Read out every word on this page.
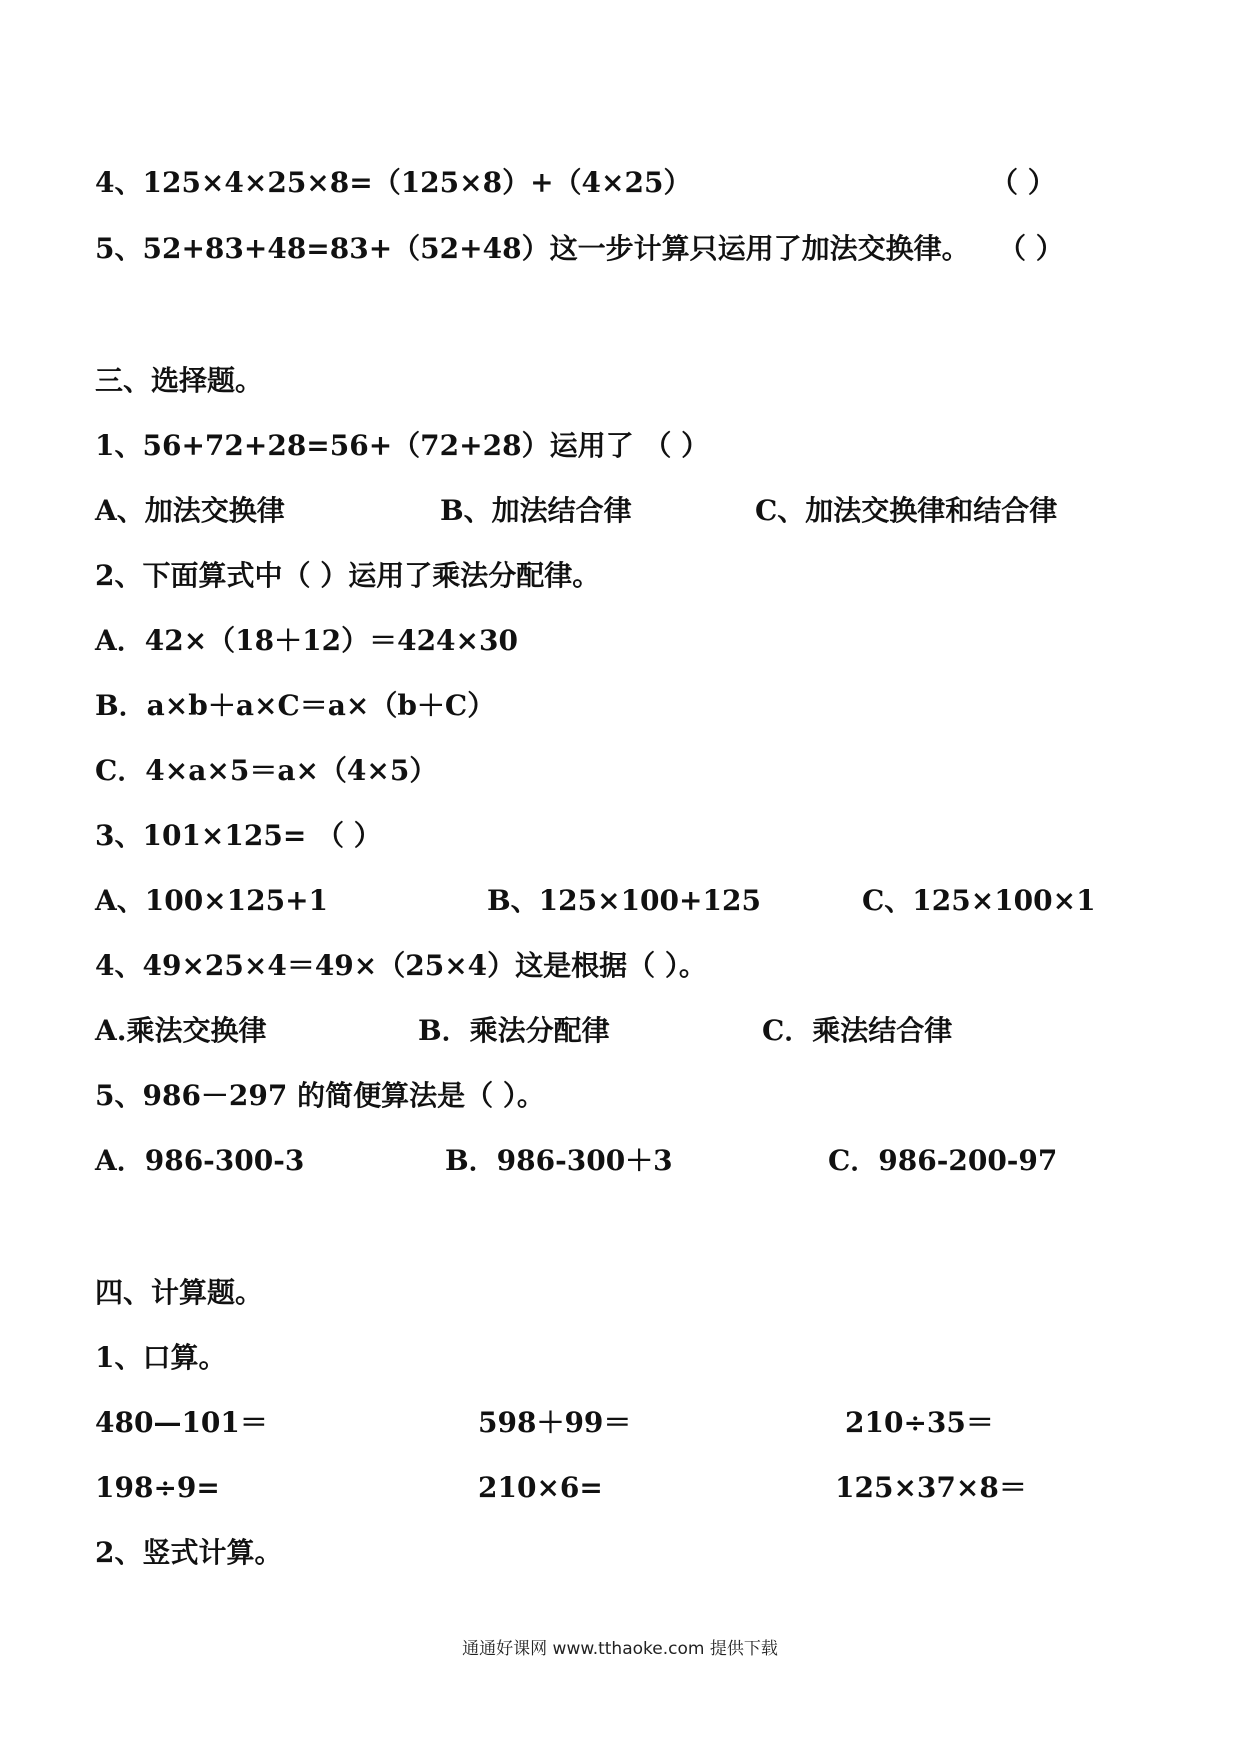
4、125×4×25×8=（125×8）+（4×25）	（ ）
5、52+83+48=83+（52+48）这一步计算只运用了加法交换律。 （ ）
三、选择题。
1、56+72+28=56+（72+28）运用了 （ ）
A、加法交换律	B、加法结合律	C、加法交换律和结合律
2、下面算式中（ ）运用了乘法分配律。
A．42×（18＋12）＝424×30
B．a×b＋a×C＝a×（b＋C）
C．4×a×5＝a×（4×5）
3、101×125= （ ）
A、100×125+1	B、125×100+125	C、125×100×1
4、49×25×4＝49×（25×4）这是根据（ ）。
A.乘法交换律	B．乘法分配律	C．乘法结合律
5、986－297 的简便算法是（ ）。
A．986-300-3	B．986-300＋3	C．986-200-97
四、计算题。
1、口算。
480—101＝	598＋99＝	210÷35＝
198÷9=	210×6=	125×37×8＝
2、竖式计算。
通通好课网 www.tthaoke.com 提供下载
